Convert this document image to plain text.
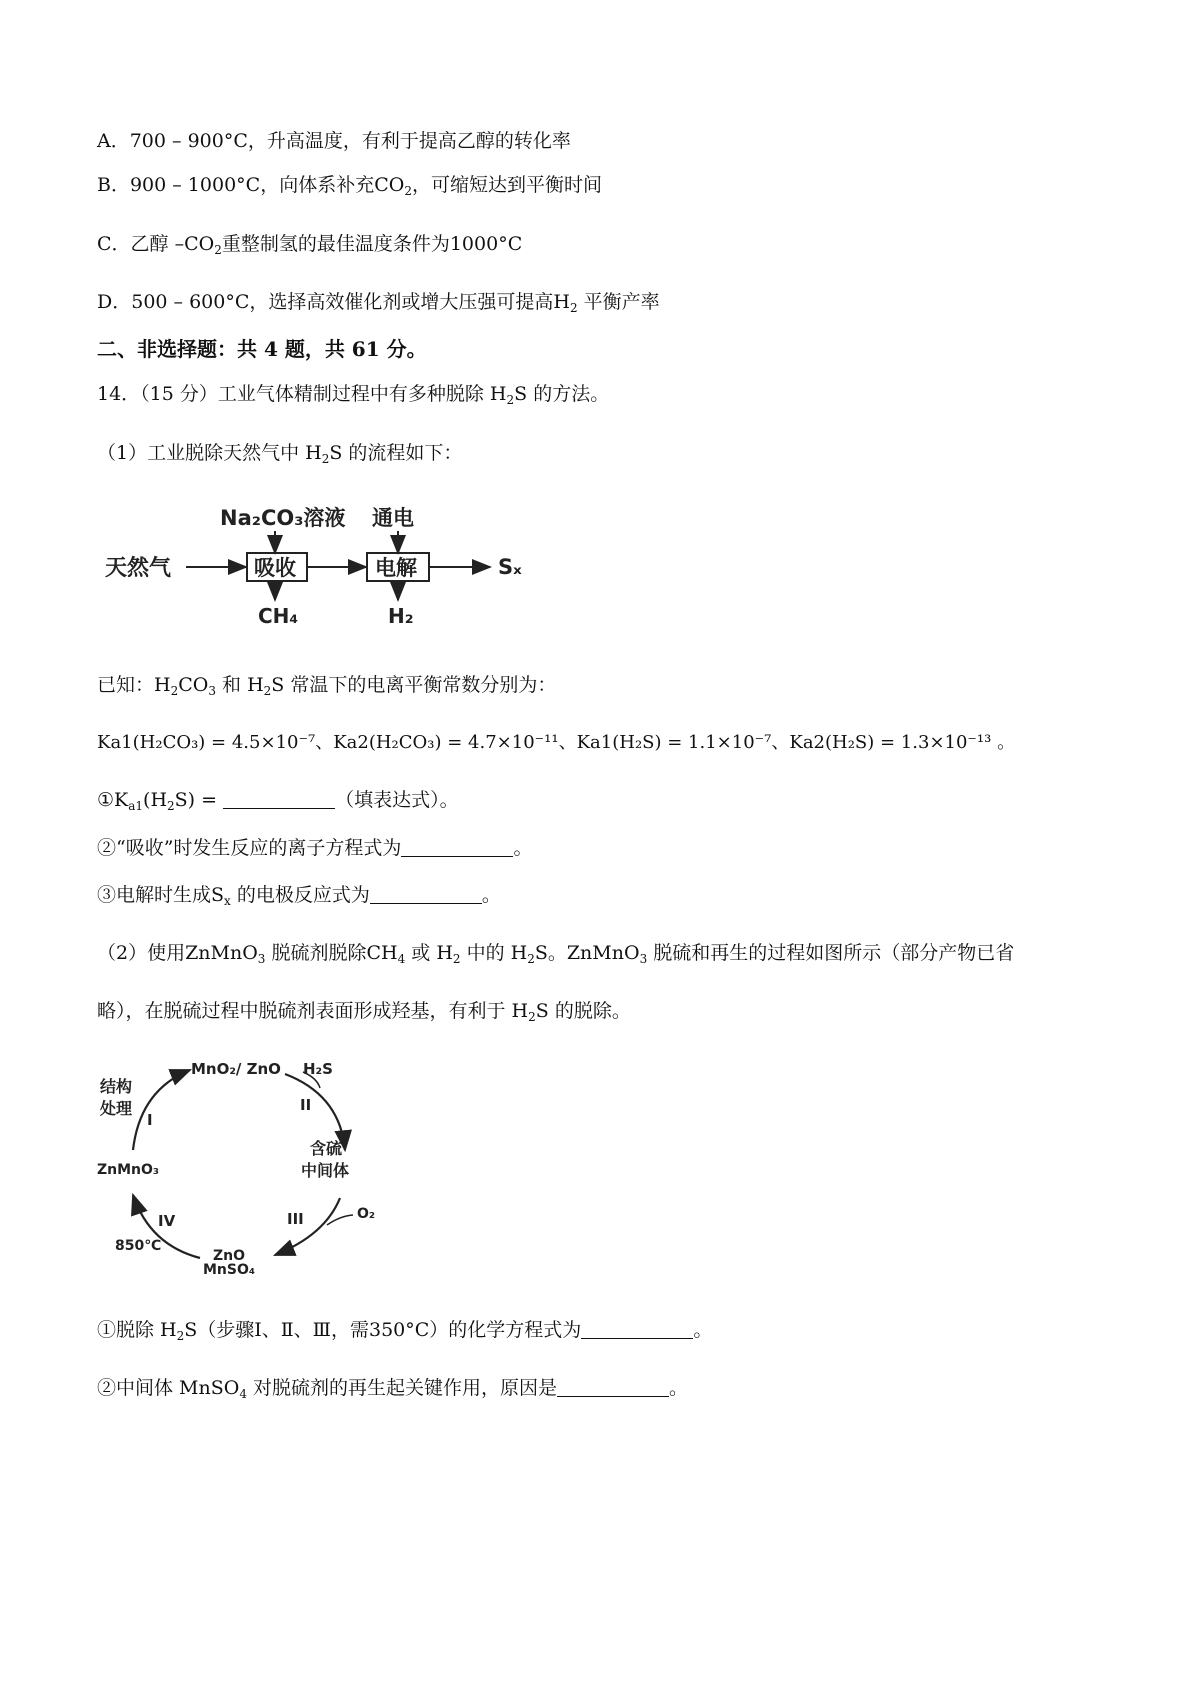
A．700 – 900°C，升高温度，有利于提高乙醇的转化率
B．900 – 1000°C，向体系补充$CO_2$，可缩短达到平衡时间
C．乙醇 $-CO_2$重整制氢的最佳温度条件为1000°C
D．500 – 600°C，选择高效催化剂或增大压强可提高$H_2$ 平衡产率
二、非选择题：共 4 题，共 61 分。
14．（15 分）工业气体精制过程中有多种脱除 $H_2S$ 的方法。
（1）工业脱除天然气中 $H_2S$ 的流程如下：
天然气
Na₂CO₃溶液
吸收
CH₄
通电
电解
H₂
Sₓ
已知：$H_2CO_3$ 和 $H_2S$ 常温下的电离平衡常数分别为：
Ka1(H₂CO₃) = 4.5×10⁻⁷、Ka2(H₂CO₃) = 4.7×10⁻¹¹、Ka1(H₂S) = 1.1×10⁻⁷、Ka2(H₂S) = 1.3×10⁻¹³ 。
$①K_{a1}(H_2S)$ =	（填表达式）。
②“吸收”时发生反应的离子方程式为	。
③电解时生成$S_x$ 的电极反应式为	。
（2）使用ZnMnO$_3$ 脱硫剂脱除$CH_4$ 或 $H_2$ 中的 $H_2S$。ZnMnO$_3$ 脱硫和再生的过程如图所示（部分产物已省
略），在脱硫过程中脱硫剂表面形成羟基，有利于 $H_2S$ 的脱除。
MnO₂/ ZnO H₂S
II
含硫
中间体
III	O₂
ZnO
MnSO₄
IV
850℃
ZnMnO₃
结构
处理
I
①脱除 $H_2S$（步骤Ⅰ、Ⅱ、Ⅲ，需350°C）的化学方程式为	。
②中间体 MnSO$_4$ 对脱硫剂的再生起关键作用，原因是	。
